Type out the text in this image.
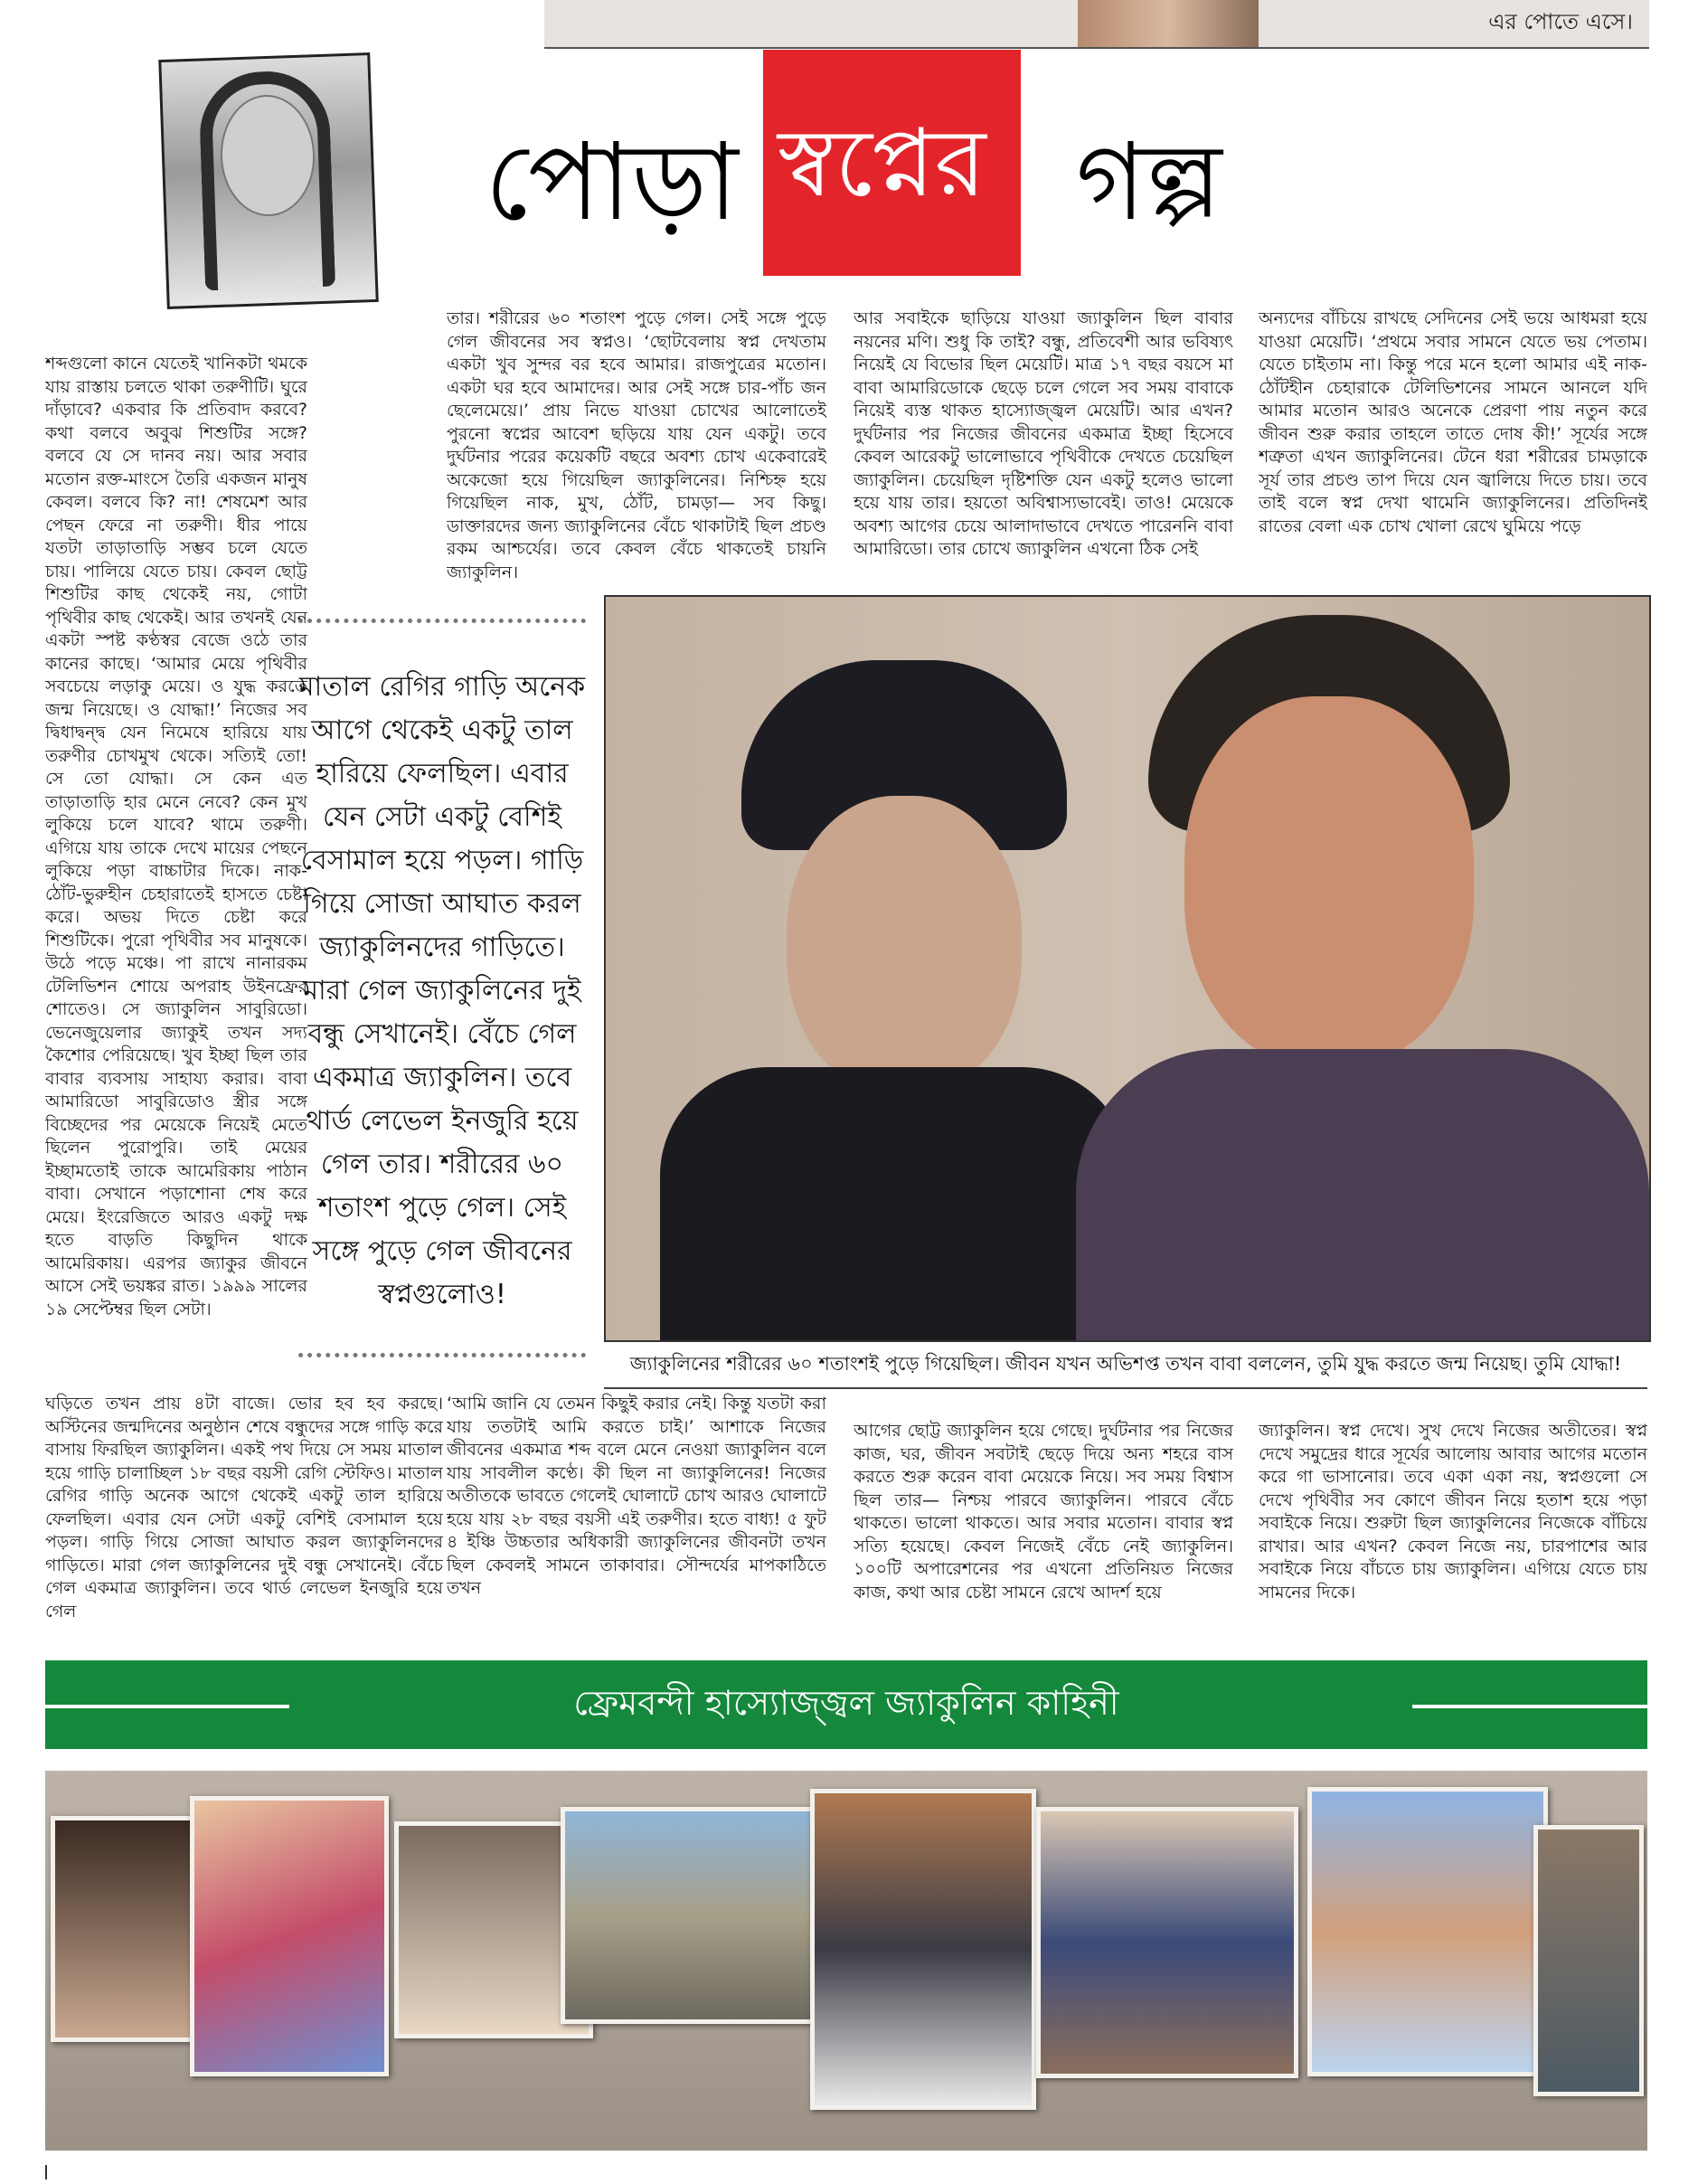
এর পোতে এসে।
পোড়া স্বপ্নের গল্প
শব্দগুলো কানে যেতেই খানিকটা থমকে যায় রাস্তায় চলতে থাকা তরুণীটি। ঘুরে দাঁড়াবে? একবার কি প্রতিবাদ করবে? কথা বলবে অবুঝ শিশুটির সঙ্গে? বলবে যে সে দানব নয়। আর সবার মতোন রক্ত-মাংসে তৈরি একজন মানুষ কেবল। বলবে কি? না! শেষমেশ আর পেছন ফেরে না তরুণী। ধীর পায়ে যতটা তাড়াতাড়ি সম্ভব চলে যেতে চায়। পালিয়ে যেতে চায়। কেবল ছোট্ট শিশুটির কাছ থেকেই নয়, গোটা পৃথিবীর কাছ থেকেই। আর তখনই যেন একটা স্পষ্ট কণ্ঠস্বর বেজে ওঠে তার কানের কাছে। ‘আমার মেয়ে পৃথিবীর সবচেয়ে লড়াকু মেয়ে। ও যুদ্ধ করতে জন্ম নিয়েছে। ও যোদ্ধা!’ নিজের সব দ্বিধাদ্বন্দ্ব যেন নিমেষে হারিয়ে যায় তরুণীর চোখমুখ থেকে। সত্যিই তো! সে তো যোদ্ধা। সে কেন এত তাড়াতাড়ি হার মেনে নেবে? কেন মুখ লুকিয়ে চলে যাবে? থামে তরুণী। এগিয়ে যায় তাকে দেখে মায়ের পেছনে লুকিয়ে পড়া বাচ্চাটার দিকে। নাক-ঠোঁট-ভুরুহীন চেহারাতেই হাসতে চেষ্টা করে। অভয় দিতে চেষ্টা করে শিশুটিকে। পুরো পৃথিবীর সব মানুষকে। উঠে পড়ে মঞ্চে। পা রাখে নানারকম টেলিভিশন শোয়ে অপরাহ উইনফ্রের শোতেও। সে জ্যাকুলিন সাবুরিডো। ভেনেজুয়েলার জ্যাকুই তখন সদ্য কৈশোর পেরিয়েছে। খুব ইচ্ছা ছিল তার বাবার ব্যবসায় সাহায্য করার। বাবা আমারিডো সাবুরিডোও স্ত্রীর সঙ্গে বিচ্ছেদের পর মেয়েকে নিয়েই মেতে ছিলেন পুরোপুরি। তাই মেয়ের ইচ্ছামতোই তাকে আমেরিকায় পাঠান বাবা। সেখানে পড়াশোনা শেষ করে মেয়ে। ইংরেজিতে আরও একটু দক্ষ হতে বাড়তি কিছুদিন থাকে আমেরিকায়। এরপর জ্যাকুর জীবনে আসে সেই ভয়ঙ্কর রাত। ১৯৯৯ সালের ১৯ সেপ্টেম্বর ছিল সেটা।
তার। শরীরের ৬০ শতাংশ পুড়ে গেল। সেই সঙ্গে পুড়ে গেল জীবনের সব স্বপ্নও। ‘ছোটবেলায় স্বপ্ন দেখতাম একটা খুব সুন্দর বর হবে আমার। রাজপুত্রের মতোন। একটা ঘর হবে আমাদের। আর সেই সঙ্গে চার-পাঁচ জন ছেলেমেয়ে।’ প্রায় নিভে যাওয়া চোখের আলোতেই পুরনো স্বপ্নের আবেশ ছড়িয়ে যায় যেন একটু। তবে দুর্ঘটনার পরের কয়েকটি বছরে অবশ্য চোখ একেবারেই অকেজো হয়ে গিয়েছিল জ্যাকুলিনের। নিশ্চিহ্ন হয়ে গিয়েছিল নাক, মুখ, ঠোঁট, চামড়া— সব কিছু। ডাক্তারদের জন্য জ্যাকুলিনের বেঁচে থাকাটাই ছিল প্রচণ্ড রকম আশ্চর্যের। তবে কেবল বেঁচে থাকতেই চায়নি জ্যাকুলিন।
আর সবাইকে ছাড়িয়ে যাওয়া জ্যাকুলিন ছিল বাবার নয়নের মণি। শুধু কি তাই? বন্ধু, প্রতিবেশী আর ভবিষ্যৎ নিয়েই যে বিভোর ছিল মেয়েটি। মাত্র ১৭ বছর বয়সে মা বাবা আমারিডোকে ছেড়ে চলে গেলে সব সময় বাবাকে নিয়েই ব্যস্ত থাকত হাস্যোজ্জ্বল মেয়েটি। আর এখন? দুর্ঘটনার পর নিজের জীবনের একমাত্র ইচ্ছা হিসেবে কেবল আরেকটু ভালোভাবে পৃথিবীকে দেখতে চেয়েছিল জ্যাকুলিন। চেয়েছিল দৃষ্টিশক্তি যেন একটু হলেও ভালো হয়ে যায় তার। হয়তো অবিশ্বাস্যভাবেই। তাও! মেয়েকে অবশ্য আগের চেয়ে আলাদাভাবে দেখতে পারেননি বাবা আমারিডো। তার চোখে জ্যাকুলিন এখনো ঠিক সেই
অন্যদের বাঁচিয়ে রাখছে সেদিনের সেই ভয়ে আধমরা হয়ে যাওয়া মেয়েটি। ‘প্রথমে সবার সামনে যেতে ভয় পেতাম। যেতে চাইতাম না। কিন্তু পরে মনে হলো আমার এই নাক-ঠোঁটহীন চেহারাকে টেলিভিশনের সামনে আনলে যদি আমার মতোন আরও অনেকে প্রেরণা পায় নতুন করে জীবন শুরু করার তাহলে তাতে দোষ কী!’ সূর্যের সঙ্গে শত্রুতা এখন জ্যাকুলিনের। টেনে ধরা শরীরের চামড়াকে সূর্য তার প্রচণ্ড তাপ দিয়ে যেন জ্বালিয়ে দিতে চায়। তবে তাই বলে স্বপ্ন দেখা থামেনি জ্যাকুলিনের। প্রতিদিনই রাতের বেলা এক চোখ খোলা রেখে ঘুমিয়ে পড়ে
মাতাল রেগির গাড়ি অনেক আগে থেকেই একটু তাল হারিয়ে ফেলছিল। এবার যেন সেটা একটু বেশিই বেসামাল হয়ে পড়ল। গাড়ি গিয়ে সোজা আঘাত করল জ্যাকুলিনদের গাড়িতে। মারা গেল জ্যাকুলিনের দুই বন্ধু সেখানেই। বেঁচে গেল একমাত্র জ্যাকুলিন। তবে থার্ড লেভেল ইনজুরি হয়ে গেল তার। শরীরের ৬০ শতাংশ পুড়ে গেল। সেই সঙ্গে পুড়ে গেল জীবনের স্বপ্নগুলোও!
জ্যাকুলিনের শরীরের ৬০ শতাংশই পুড়ে গিয়েছিল। জীবন যখন অভিশপ্ত তখন বাবা বললেন, তুমি যুদ্ধ করতে জন্ম নিয়েছ। তুমি যোদ্ধা!
ঘড়িতে তখন প্রায় ৪টা বাজে। ভোর হব হব করছে। অস্টিনের জন্মদিনের অনুষ্ঠান শেষে বন্ধুদের সঙ্গে গাড়ি করে বাসায় ফিরছিল জ্যাকুলিন। একই পথ দিয়ে সে সময় মাতাল হয়ে গাড়ি চালাচ্ছিল ১৮ বছর বয়সী রেগি স্টেফিও। মাতাল রেগির গাড়ি অনেক আগে থেকেই একটু তাল হারিয়ে ফেলছিল। এবার যেন সেটা একটু বেশিই বেসামাল হয়ে পড়ল। গাড়ি গিয়ে সোজা আঘাত করল জ্যাকুলিনদের গাড়িতে। মারা গেল জ্যাকুলিনের দুই বন্ধু সেখানেই। বেঁচে গেল একমাত্র জ্যাকুলিন। তবে থার্ড লেভেল ইনজুরি হয়ে গেল
‘আমি জানি যে তেমন কিছুই করার নেই। কিন্তু যতটা করা যায় ততটাই আমি করতে চাই।’ আশাকে নিজের জীবনের একমাত্র শব্দ বলে মেনে নেওয়া জ্যাকুলিন বলে যায় সাবলীল কণ্ঠে। কী ছিল না জ্যাকুলিনের! নিজের অতীতকে ভাবতে গেলেই ঘোলাটে চোখ আরও ঘোলাটে হয়ে যায় ২৮ বছর বয়সী এই তরুণীর। হতে বাধ্য! ৫ ফুট ৪ ইঞ্চি উচ্চতার অধিকারী জ্যাকুলিনের জীবনটা তখন ছিল কেবলই সামনে তাকাবার। সৌন্দর্যের মাপকাঠিতে তখন
আগের ছোট্ট জ্যাকুলিন হয়ে গেছে। দুর্ঘটনার পর নিজের কাজ, ঘর, জীবন সবটাই ছেড়ে দিয়ে অন্য শহরে বাস করতে শুরু করেন বাবা মেয়েকে নিয়ে। সব সময় বিশ্বাস ছিল তার— নিশ্চয় পারবে জ্যাকুলিন। পারবে বেঁচে থাকতে। ভালো থাকতে। আর সবার মতোন। বাবার স্বপ্ন সত্যি হয়েছে। কেবল নিজেই বেঁচে নেই জ্যাকুলিন। ১০০টি অপারেশনের পর এখনো প্রতিনিয়ত নিজের কাজ, কথা আর চেষ্টা সামনে রেখে আদর্শ হয়ে
জ্যাকুলিন। স্বপ্ন দেখে। সুখ দেখে নিজের অতীতের। স্বপ্ন দেখে সমুদ্রের ধারে সূর্যের আলোয় আবার আগের মতোন করে গা ভাসানোর। তবে একা একা নয়, স্বপ্নগুলো সে দেখে পৃথিবীর সব কোণে জীবন নিয়ে হতাশ হয়ে পড়া সবাইকে নিয়ে। শুরুটা ছিল জ্যাকুলিনের নিজেকে বাঁচিয়ে রাখার। আর এখন? কেবল নিজে নয়, চারপাশের আর সবাইকে নিয়ে বাঁচতে চায় জ্যাকুলিন। এগিয়ে যেতে চায় সামনের দিকে।
ফ্রেমবন্দী হাস্যোজ্জ্বল জ্যাকুলিন কাহিনী
